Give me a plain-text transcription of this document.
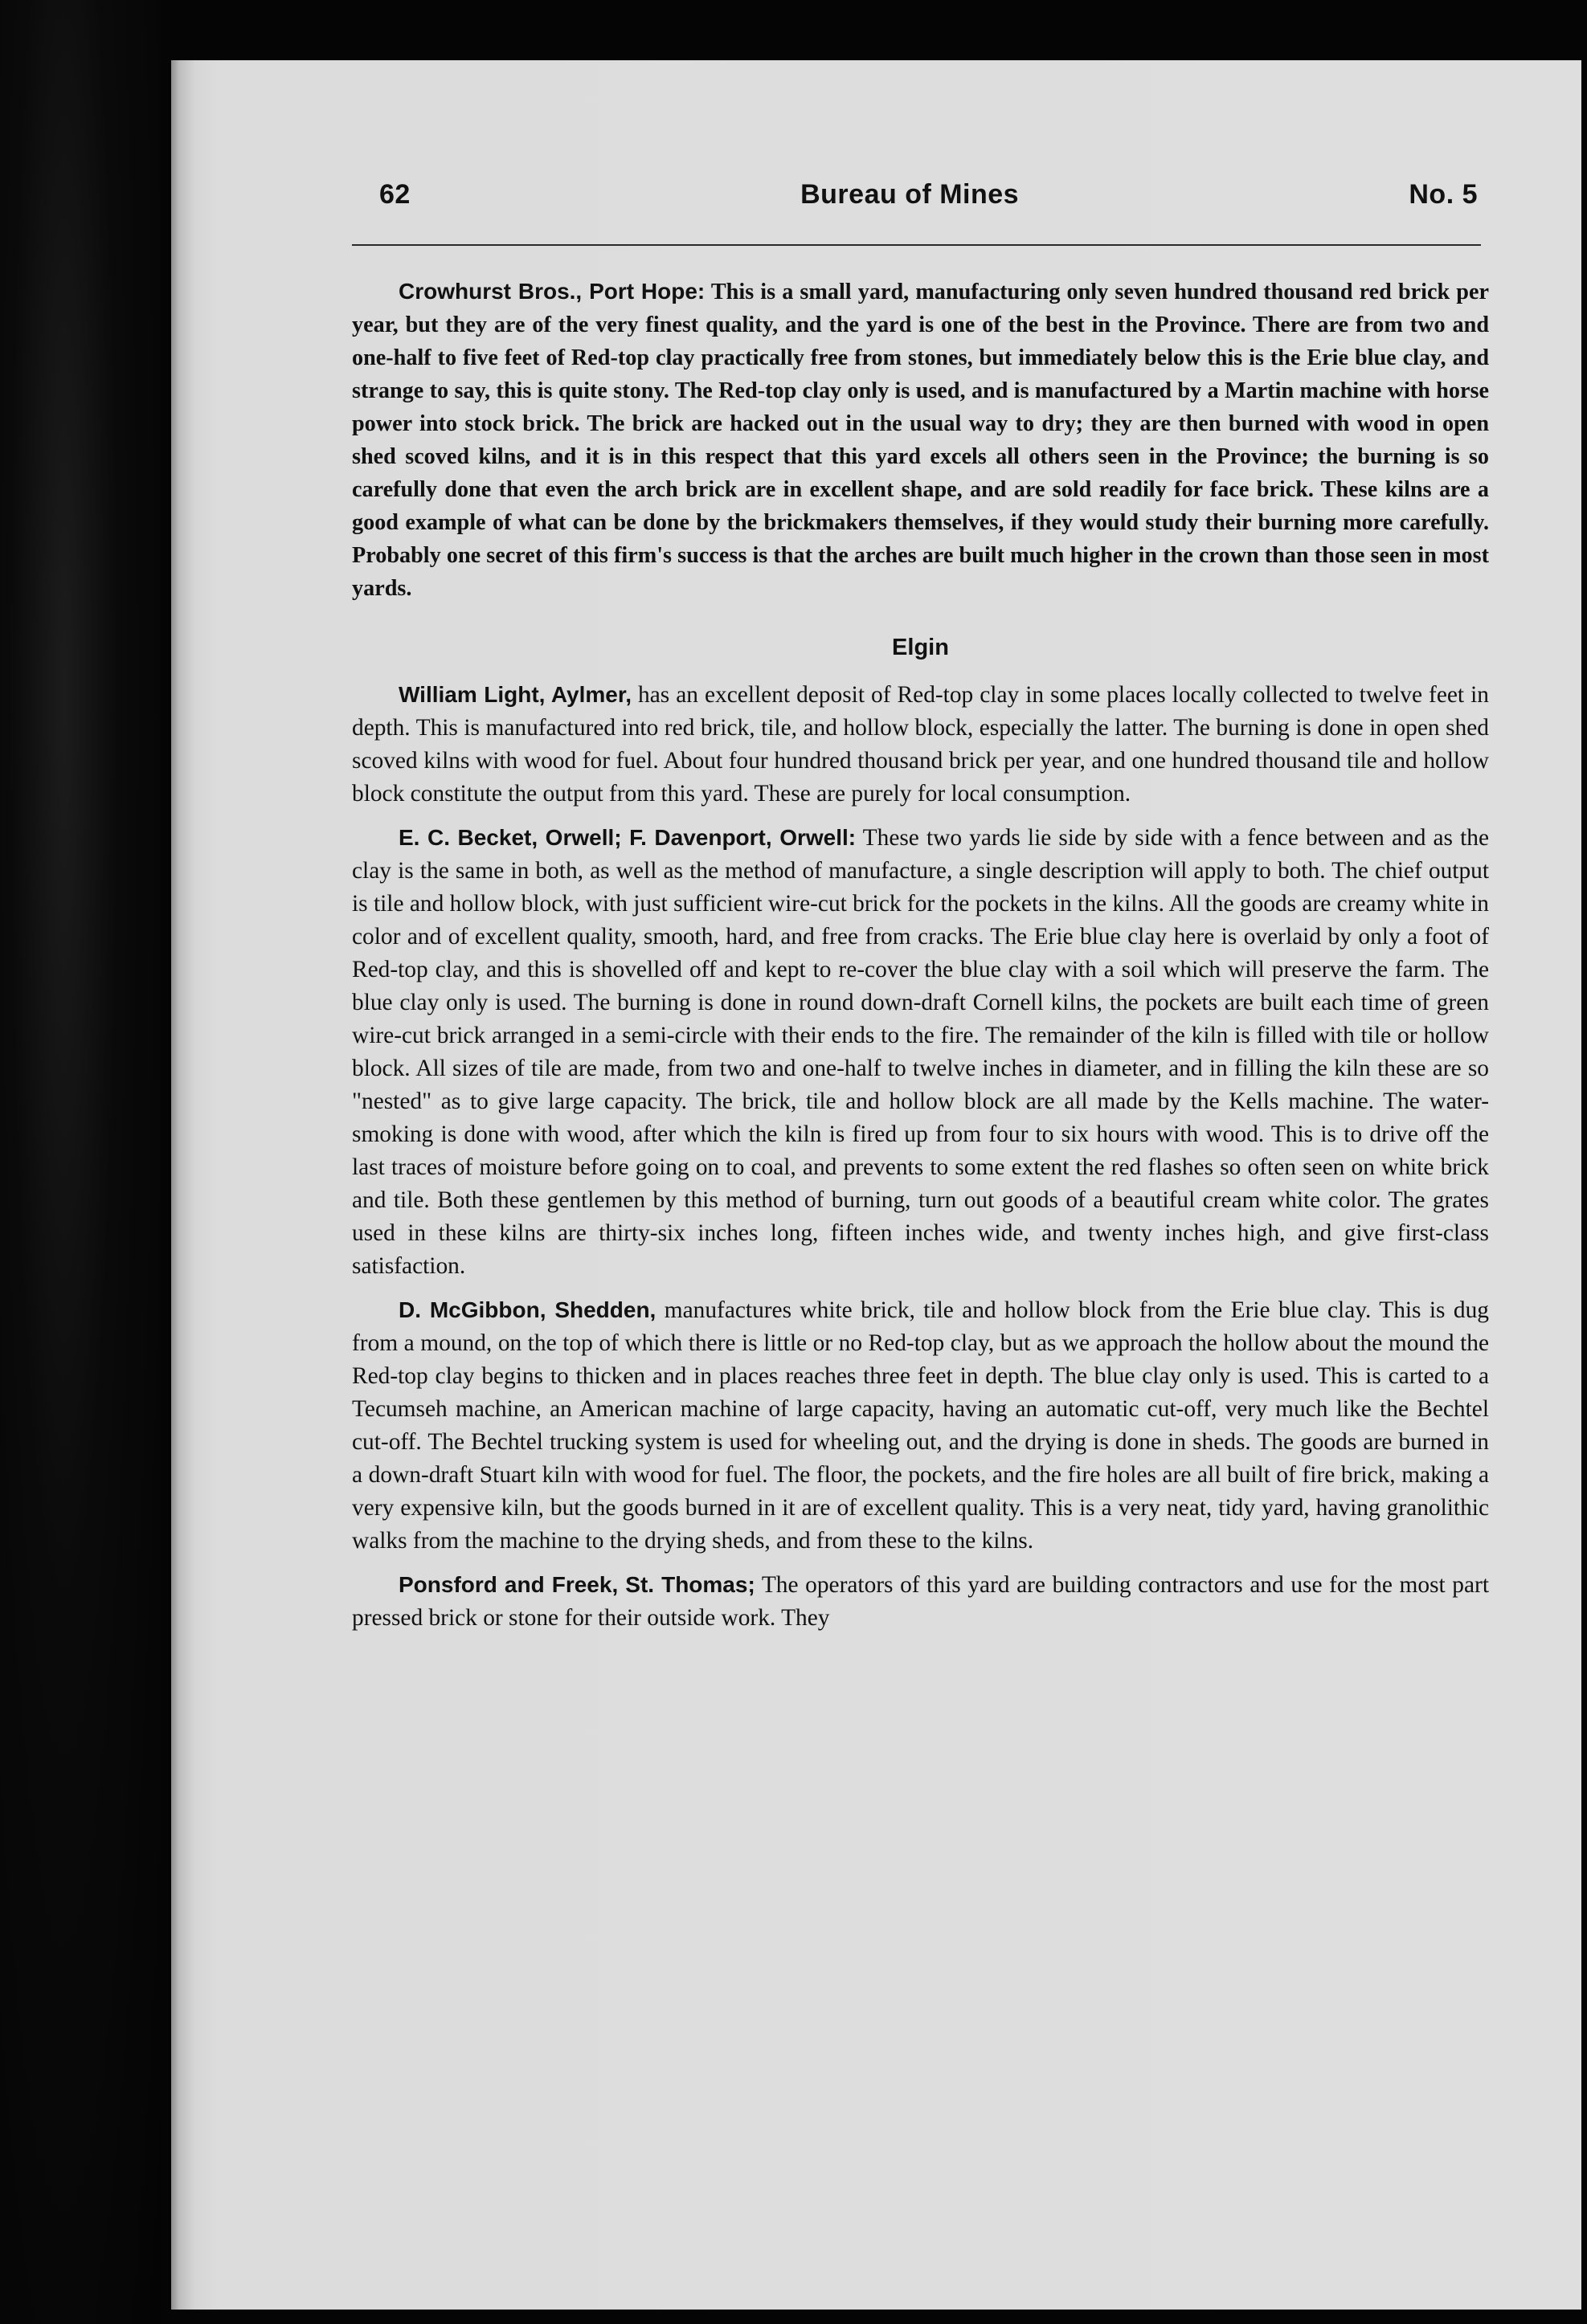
62	Bureau of Mines	No. 5

Crowhurst Bros., Port Hope: This is a small yard, manufacturing only seven hundred thousand red brick per year, but they are of the very finest quality, and the yard is one of the best in the Province. There are from two and one-half to five feet of Red-top clay practically free from stones, but immediately below this is the Erie blue clay, and strange to say, this is quite stony. The Red-top clay only is used, and is manufactured by a Martin machine with horse power into stock brick. The brick are hacked out in the usual way to dry; they are then burned with wood in open shed scoved kilns, and it is in this respect that this yard excels all others seen in the Province; the burning is so carefully done that even the arch brick are in excellent shape, and are sold readily for face brick. These kilns are a good example of what can be done by the brickmakers themselves, if they would study their burning more carefully. Probably one secret of this firm's success is that the arches are built much higher in the crown than those seen in most yards.

Elgin

William Light, Aylmer, has an excellent deposit of Red-top clay in some places locally collected to twelve feet in depth. This is manufactured into red brick, tile, and hollow block, especially the latter. The burning is done in open shed scoved kilns with wood for fuel. About four hundred thousand brick per year, and one hundred thousand tile and hollow block constitute the output from this yard. These are purely for local consumption.

E. C. Becket, Orwell; F. Davenport, Orwell: These two yards lie side by side with a fence between and as the clay is the same in both, as well as the method of manufacture, a single description will apply to both. The chief output is tile and hollow block, with just sufficient wire-cut brick for the pockets in the kilns. All the goods are creamy white in color and of excellent quality, smooth, hard, and free from cracks. The Erie blue clay here is overlaid by only a foot of Red-top clay, and this is shovelled off and kept to re-cover the blue clay with a soil which will preserve the farm. The blue clay only is used. The burning is done in round down-draft Cornell kilns, the pockets are built each time of green wire-cut brick arranged in a semi-circle with their ends to the fire. The remainder of the kiln is filled with tile or hollow block. All sizes of tile are made, from two and one-half to twelve inches in diameter, and in filling the kiln these are so "nested" as to give large capacity. The brick, tile and hollow block are all made by the Kells machine. The water-smoking is done with wood, after which the kiln is fired up from four to six hours with wood. This is to drive off the last traces of moisture before going on to coal, and prevents to some extent the red flashes so often seen on white brick and tile. Both these gentlemen by this method of burning, turn out goods of a beautiful cream white color. The grates used in these kilns are thirty-six inches long, fifteen inches wide, and twenty inches high, and give first-class satisfaction.

D. McGibbon, Shedden, manufactures white brick, tile and hollow block from the Erie blue clay. This is dug from a mound, on the top of which there is little or no Red-top clay, but as we approach the hollow about the mound the Red-top clay begins to thicken and in places reaches three feet in depth. The blue clay only is used. This is carted to a Tecumseh machine, an American machine of large capacity, having an automatic cut-off, very much like the Bechtel cut-off. The Bechtel trucking system is used for wheeling out, and the drying is done in sheds. The goods are burned in a down-draft Stuart kiln with wood for fuel. The floor, the pockets, and the fire holes are all built of fire brick, making a very expensive kiln, but the goods burned in it are of excellent quality. This is a very neat, tidy yard, having granolithic walks from the machine to the drying sheds, and from these to the kilns.

Ponsford and Freek, St. Thomas; The operators of this yard are building contractors and use for the most part pressed brick or stone for their outside work. They
